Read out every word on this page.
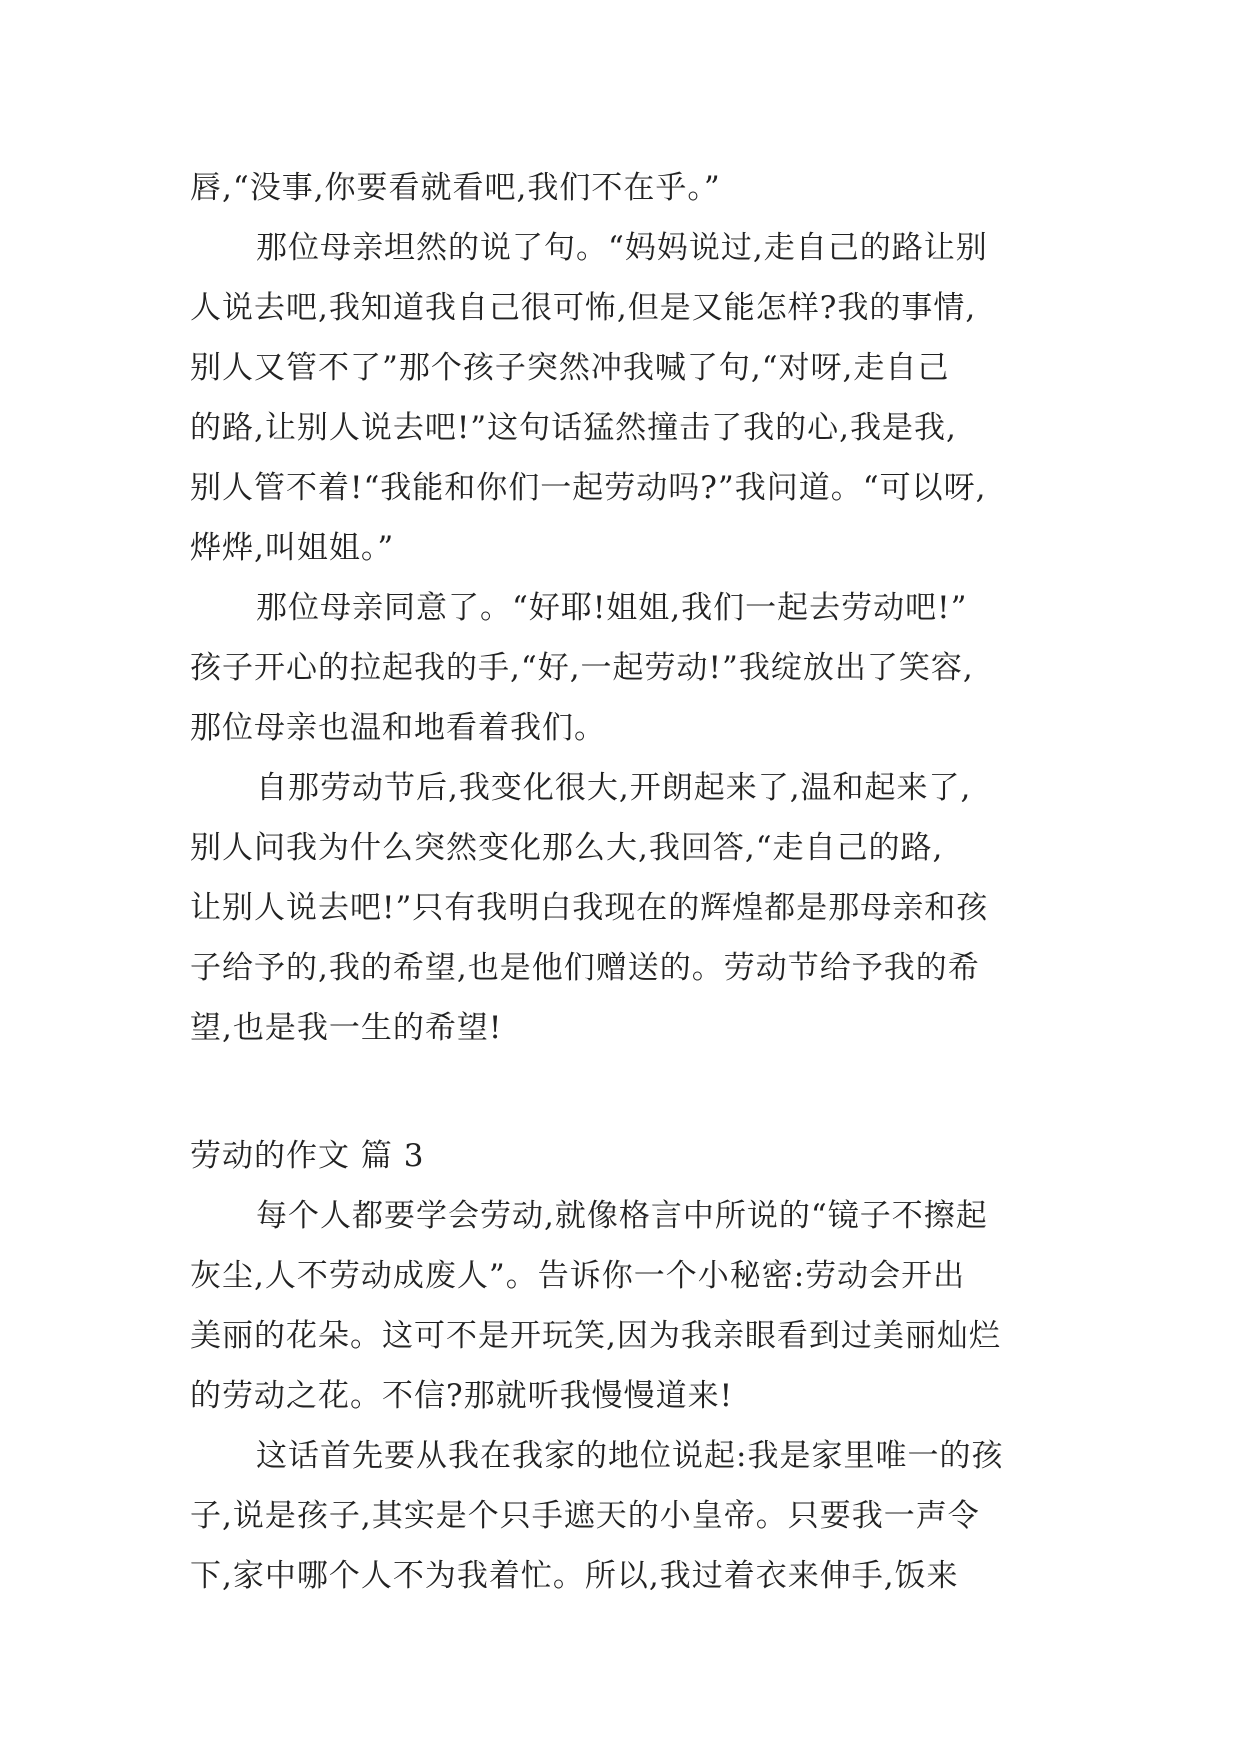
唇,“没事,你要看就看吧,我们不在乎。”

那位母亲坦然的说了句。“妈妈说过,走自己的路让别

人说去吧,我知道我自己很可怖,但是又能怎样?我的事情,

别人又管不了”那个孩子突然冲我喊了句,“对呀,走自己

的路,让别人说去吧!”这句话猛然撞击了我的心,我是我,

别人管不着!“我能和你们一起劳动吗?”我问道。“可以呀,

烨烨,叫姐姐。”

那位母亲同意了。“好耶!姐姐,我们一起去劳动吧!”

孩子开心的拉起我的手,“好,一起劳动!”我绽放出了笑容,

那位母亲也温和地看着我们。

自那劳动节后,我变化很大,开朗起来了,温和起来了,

别人问我为什么突然变化那么大,我回答,“走自己的路,

让别人说去吧!”只有我明白我现在的辉煌都是那母亲和孩

子给予的,我的希望,也是他们赠送的。劳动节给予我的希

望,也是我一生的希望!

劳动的作文 篇 3

每个人都要学会劳动,就像格言中所说的“镜子不擦起

灰尘,人不劳动成废人”。告诉你一个小秘密:劳动会开出

美丽的花朵。这可不是开玩笑,因为我亲眼看到过美丽灿烂

的劳动之花。不信?那就听我慢慢道来!

这话首先要从我在我家的地位说起:我是家里唯一的孩

子,说是孩子,其实是个只手遮天的小皇帝。只要我一声令

下,家中哪个人不为我着忙。所以,我过着衣来伸手,饭来
